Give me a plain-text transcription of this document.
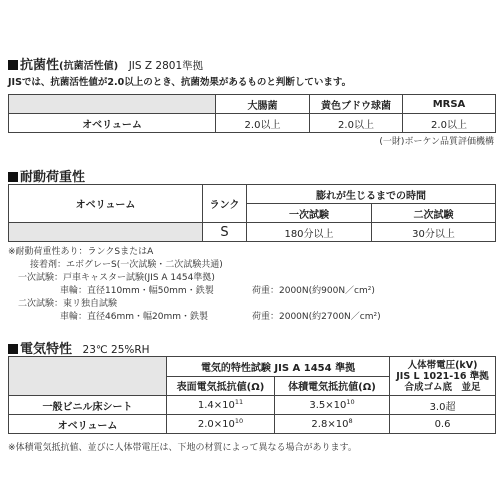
抗菌性(抗菌活性値) JIS Z 2801準拠
JISでは、抗菌活性値が2.0以上のとき、抗菌効果があるものと判断しています。
	大腸菌	黄色ブドウ球菌	MRSA
オベリューム	2.0以上	2.0以上	2.0以上
(一財)ボーケン品質評価機構
耐動荷重性
オベリューム	ランク	膨れが生じるまでの時間	
		一次試験	二次試験
	S	180分以上	30分以上
※耐動荷重性あり：ランクSまたはA
接着剤：エボグレーS(一次試験・二次試験共通)
一次試験：戸車キャスター試験(JIS A 1454準拠)
車輪：直径110mm・幅50mm・鉄製	荷重：2000N(約900N／cm²)
二次試験：東リ独自試験
車輪：直径46mm・幅20mm・鉄製	荷重：2000N(約2700N／cm²)
電気特性 23℃ 25%RH
	電気的特性試験 JIS A 1454 準拠		人体帯電圧(kV)
JIS L 1021-16 準拠
合成ゴム底　並足

	表面電気抵抗値(Ω)	体積電気抵抗値(Ω)	
一般ビニル床シート	$1.4\times 10^{11}$	$3.5\times 10^{10}$	3.0超
オベリューム	$2.0\times 10^{10}$	$2.8\times 10^8$	0.6
※体積電気抵抗値、並びに人体帯電圧は、下地の材質によって異なる場合があります。
